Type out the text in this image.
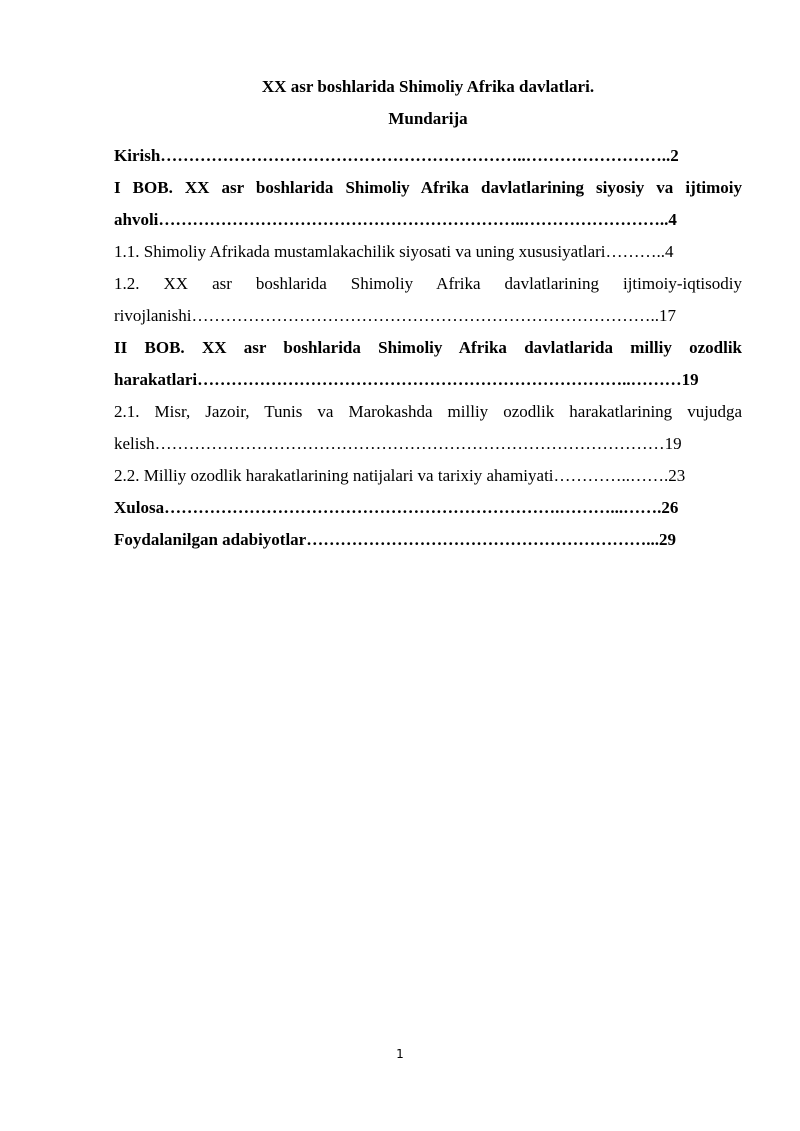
XX asr boshlarida Shimoliy Afrika davlatlari.
Mundarija
Kirish………………………………………………………..……………………..2
I BOB. XX asr boshlarida Shimoliy Afrika davlatlarining siyosiy va ijtimoiy ahvoli………………………………………………………..……………………..4
1.1. Shimoliy Afrikada mustamlakachilik siyosati va uning xususiyatlari………..4
1.2. XX asr boshlarida Shimoliy Afrika davlatlarining ijtimoiy-iqtisodiy rivojlanishi………………………………………………………………………..17
II BOB. XX asr boshlarida Shimoliy Afrika davlatlarida milliy ozodlik harakatlari…………………………………………………………………..………19
2.1. Misr, Jazoir, Tunis va Marokashda milliy ozodlik harakatlarining vujudga kelish………………………………………………………………………………19
2.2. Milliy ozodlik harakatlarining natijalari va tarixiy ahamiyati…………..…….23
Xulosa…………………………………………………………….………...…….26
Foydalanilgan adabiyotlar……………………………………………………...29
1
